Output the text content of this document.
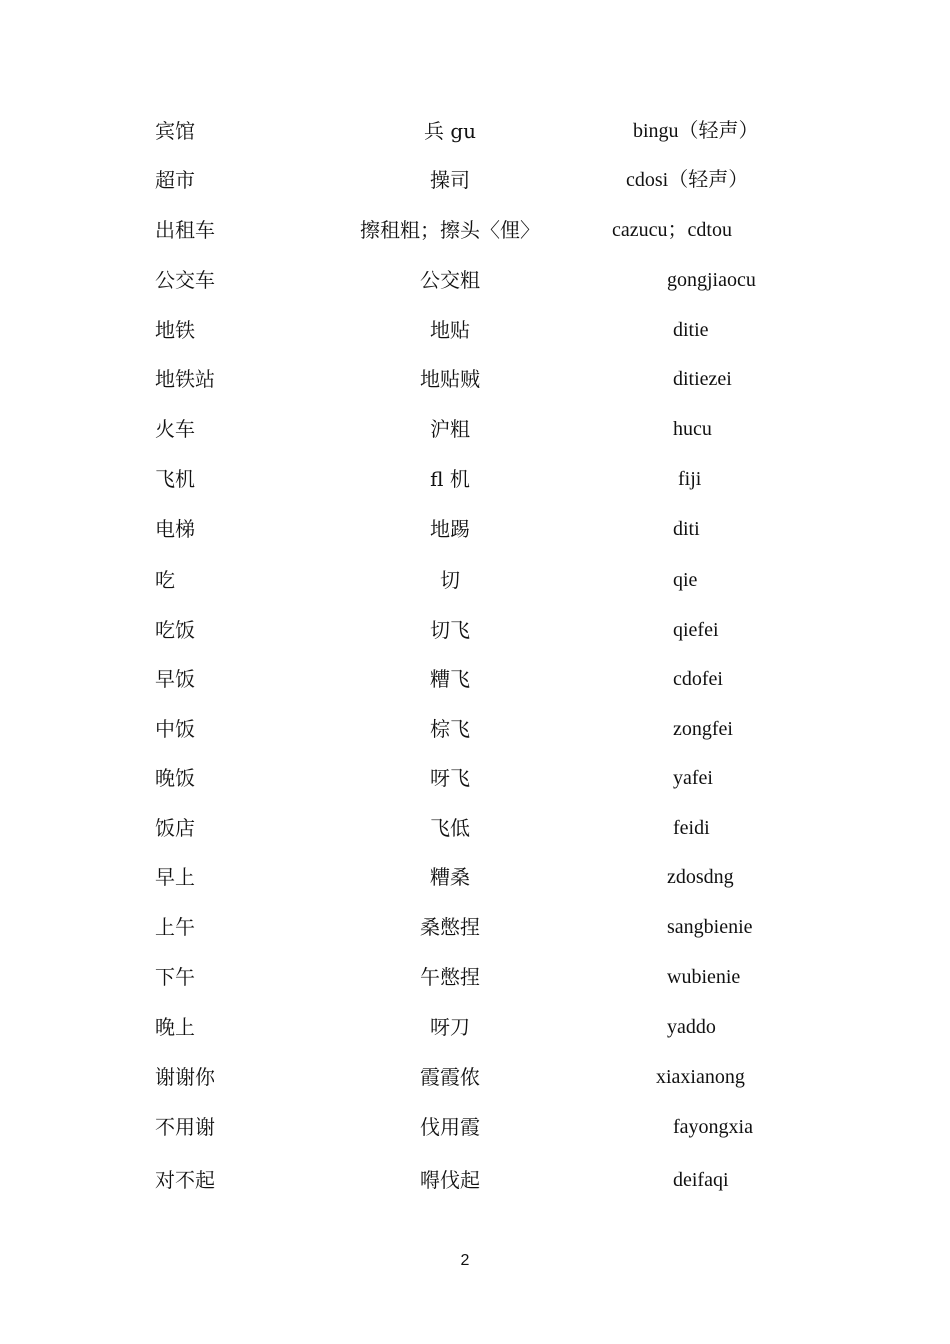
宾馆	兵 gu	bingu（轻声）
超市	操司	cdosi（轻声）
出租车	擦租粗；擦头〈俚〉	cazucu；cdtou
公交车	公交粗	gongjiaocu
地铁	地贴	ditie
地铁站	地贴贼	ditiezei
火车	沪粗	hucu
飞机	fl 机	fiji
电梯	地踢	diti
吃	切	qie
吃饭	切飞	qiefei
早饭	糟飞	cdofei
中饭	棕飞	zongfei
晚饭	呀飞	yafei
饭店	飞低	feidi
早上	糟桑	zdosdng
上午	桑憋捏	sangbienie
下午	午憋捏	wubienie
晚上	呀刀	yaddo
谢谢你	霞霞侬	xiaxianong
不用谢	伐用霞	fayongxia
对不起	嘚伐起	deifaqi
2
